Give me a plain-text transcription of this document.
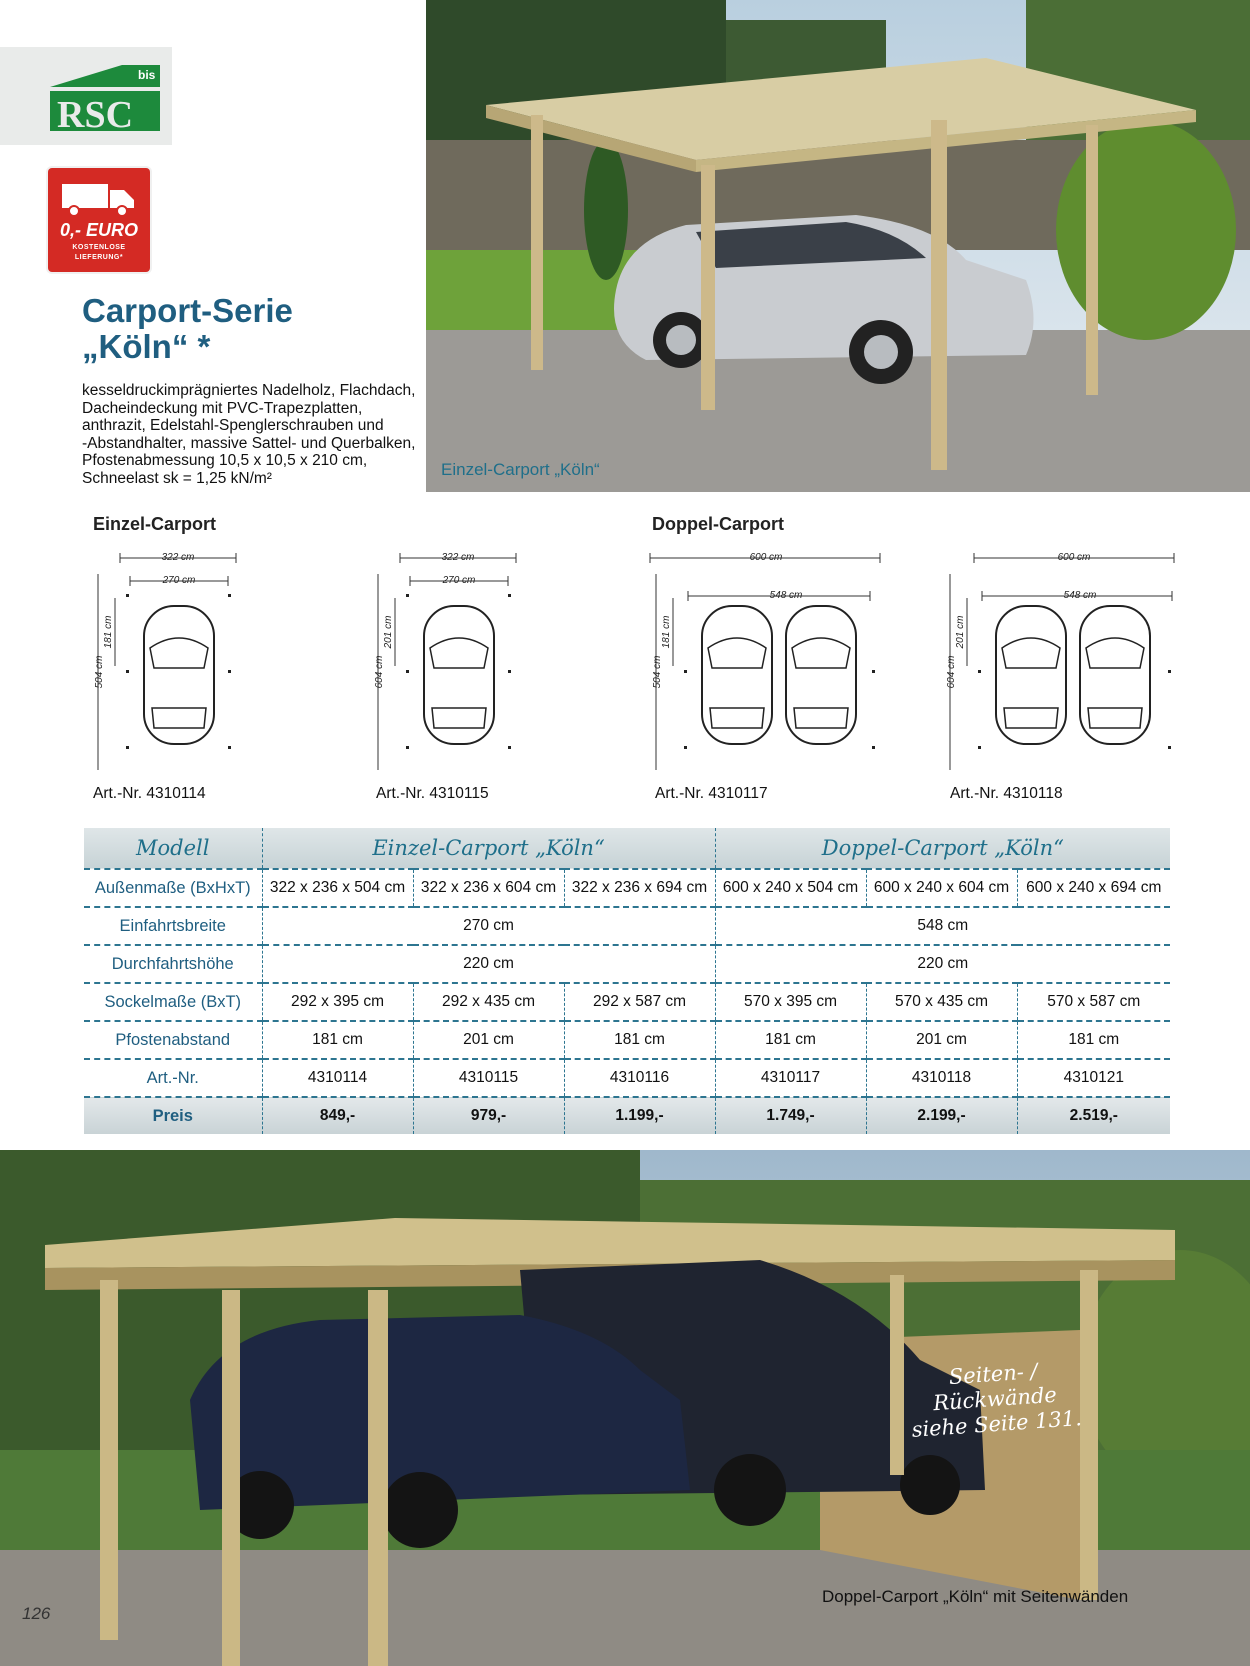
bis
RSC
0,- EURO
KOSTENLOSE
LIEFERUNG*
Carport-Serie
„Köln“ *
kesseldruckimprägniertes Nadelholz, Flachdach,
Dacheindeckung mit PVC-Trapezplatten,
anthrazit, Edelstahl-Spenglerschrauben und
-Abstandhalter, massive Sattel- und Querbalken,
Pfostenabmessung 10,5 x 10,5 x 210 cm,
Schneelast sk = 1,25 kN/m²	Einzel-Carport „Köln“
Einzel-Carport	Doppel-Carport
322 cm
270 cm
504 cm
181 cm
Art.-Nr. 4310114
322 cm
270 cm
604 cm
201 cm
Art.-Nr. 4310115
600 cm
548 cm
504 cm
181 cm
Art.-Nr. 4310117
600 cm
548 cm
604 cm
201 cm
Art.-Nr. 4310118
Modell	Einzel-Carport „Köln“			Doppel-Carport „Köln“		
Außenmaße (BxHxT)	322 x 236 x 504 cm	322 x 236 x 604 cm	322 x 236 x 694 cm	600 x 240 x 504 cm	600 x 240 x 604 cm	600 x 240 x 694 cm
Einfahrtsbreite	270 cm			548 cm		
Durchfahrtshöhe	220 cm			220 cm		
Sockelmaße (BxT)	292 x 395 cm	292 x 435 cm	292 x 587 cm	570 x 395 cm	570 x 435 cm	570 x 587 cm
Pfostenabstand	181 cm	201 cm	181 cm	181 cm	201 cm	181 cm
Art.-Nr.	4310114	4310115	4310116	4310117	4310118	4310121
Preis	849,-	979,-	1.199,-	1.749,-	2.199,-	2.519,-
Seiten- /
Rückwände
siehe Seite 131.
Doppel-Carport „Köln“ mit Seitenwänden
126
